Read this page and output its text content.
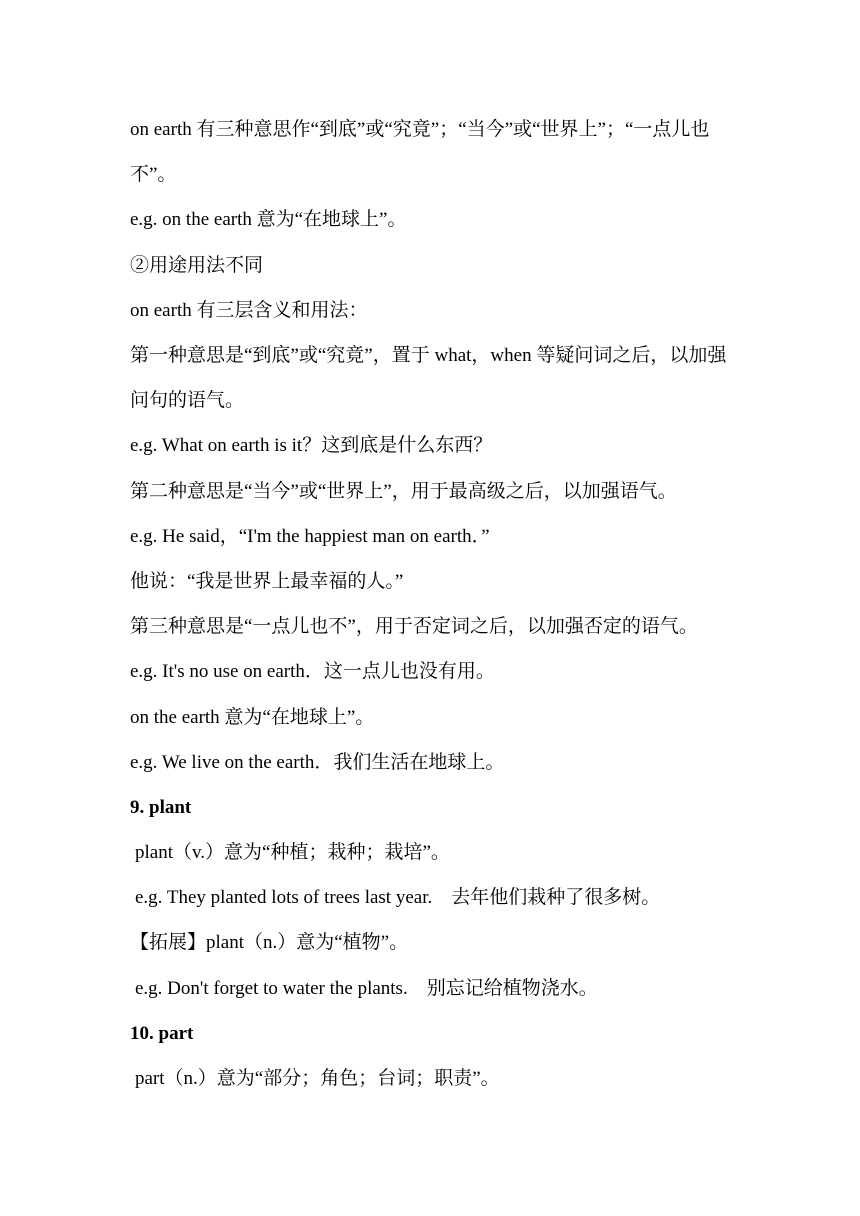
on earth 有三种意思作“到底”或“究竟”；“当今”或“世界上”；“一点儿也不”。
e.g. on the earth 意为“在地球上”。
②用途用法不同
on earth 有三层含义和用法：
第一种意思是“到底”或“究竟”，置于 what，when 等疑问词之后，以加强问句的语气。
e.g. What on earth is it？这到底是什么东西？
第二种意思是“当今”或“世界上”，用于最高级之后，以加强语气。
e.g. He said，“I'm the happiest man on earth．”
他说：“我是世界上最幸福的人。”
第三种意思是“一点儿也不”，用于否定词之后，以加强否定的语气。
e.g. It's no use on earth．这一点儿也没有用。
on the earth 意为“在地球上”。
e.g. We live on the earth．我们生活在地球上。
9. plant
plant（v.）意为“种植；栽种；栽培”。
e.g. They planted lots of trees last year.　去年他们栽种了很多树。
【拓展】plant（n.）意为“植物”。
e.g. Don't forget to water the plants.　别忘记给植物浇水。
10. part
part（n.）意为“部分；角色；台词；职责”。
